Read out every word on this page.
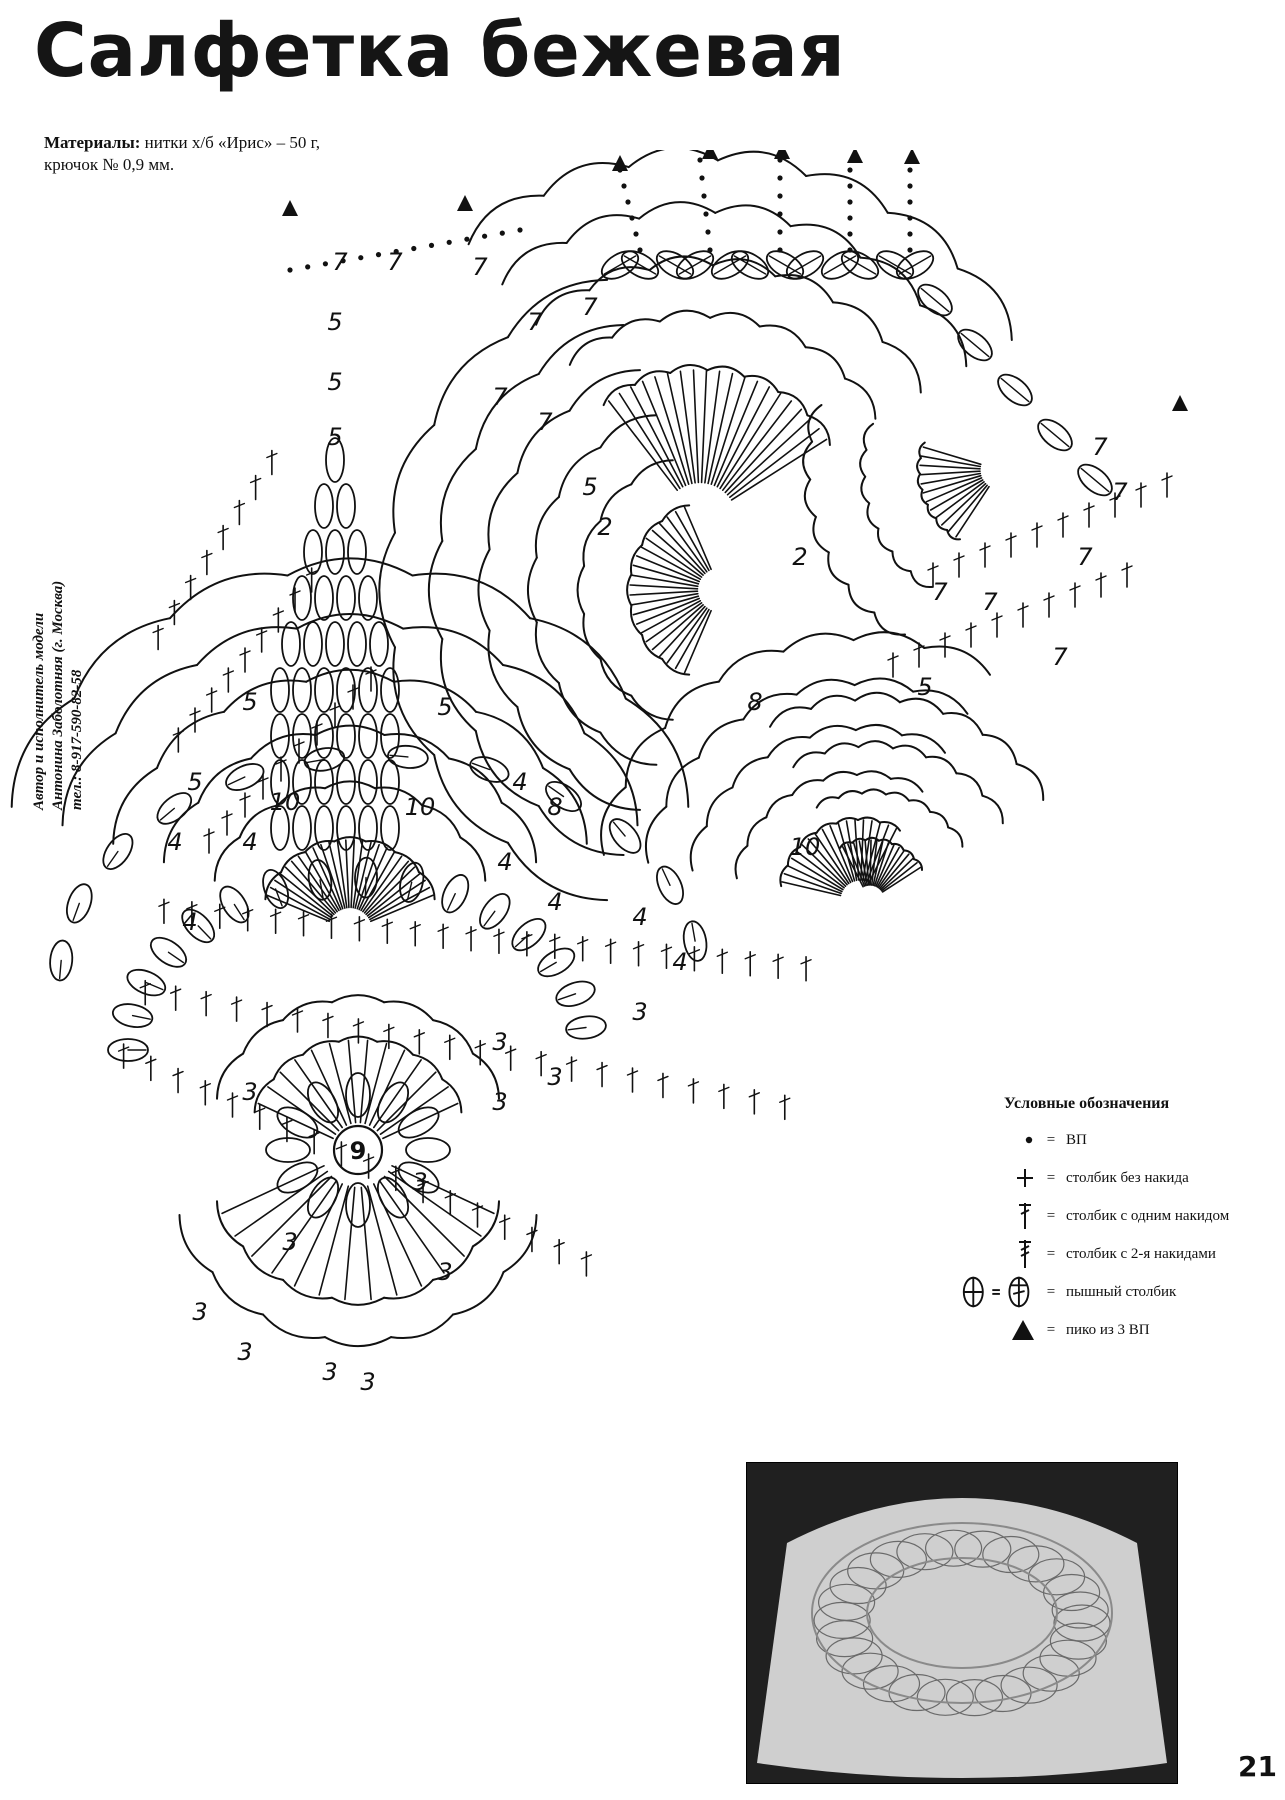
Салфетка бежевая
Материалы: нитки х/б «Ирис» – 50 г,
крючок № 0,9 мм.
Автор и исполнитель модели Антонина Заболотняя (г. Москва) тел.: 8-917-590-82-58
3 3
3
3
3
3
3
3
3
3
3
3
4
4 4
4
4
4
4
4
5
5
5
5
5
5
5
5
7 7	7
7
7
7
7
7
7
7
7
7
7
2
2
8
8
10	10
10
9
Условные обозначения
= ВП
= столбик без накида
= столбик с одним накидом
= столбик с 2-я накидами
= пышный столбик
= пико из 3 ВП
21
